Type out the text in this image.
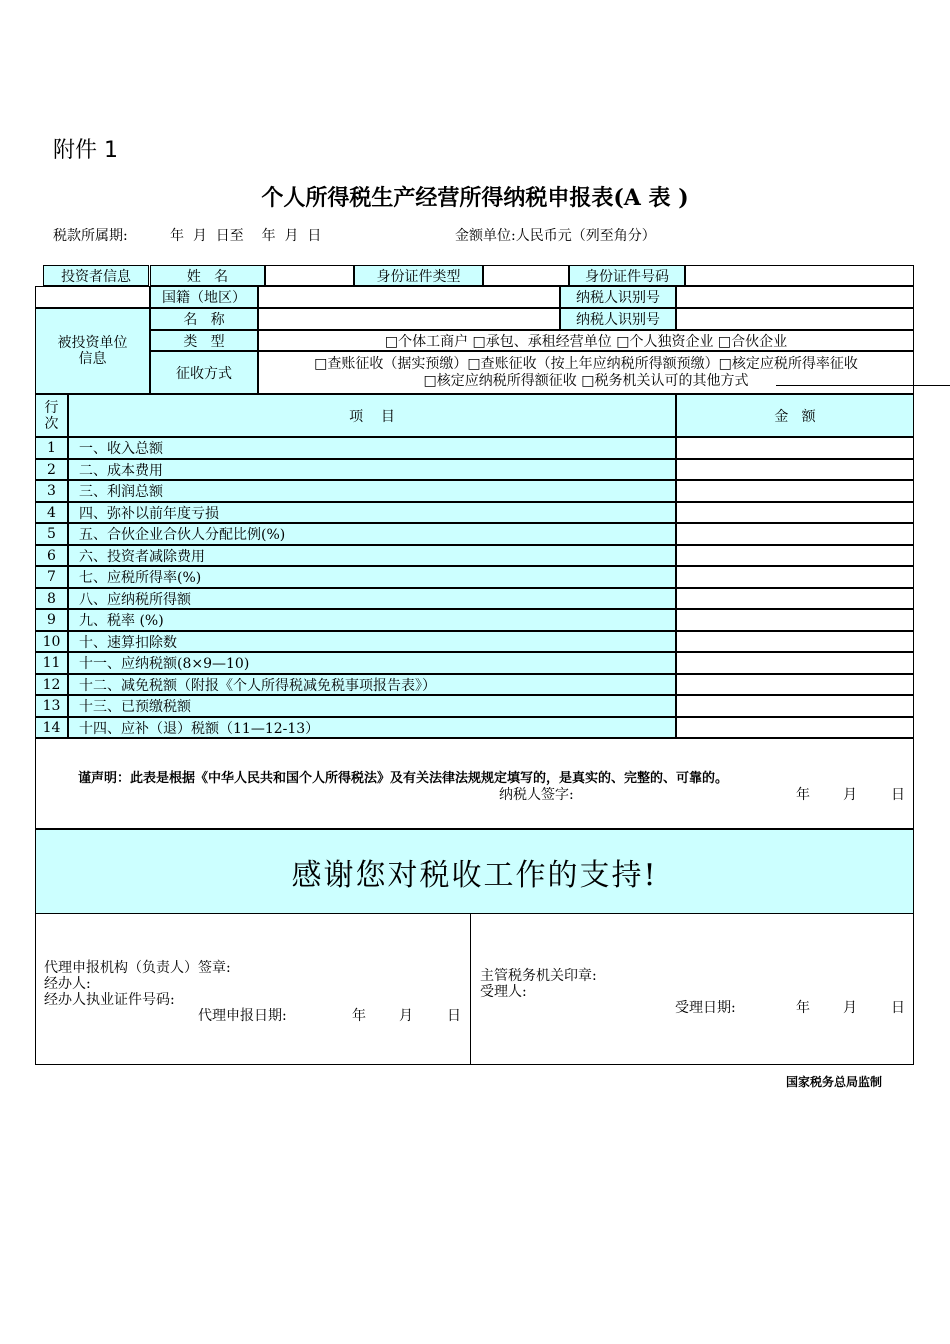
附件 1
个人所得税生产经营所得纳税申报表(A 表 )
税款所属期:	年  月  日至    年  月  日	金额单位:人民币元（列至角分）
投资者信息	姓   名	身份证件类型	身份证件号码
国籍（地区）	纳税人识别号
被投资单位
信息
名   称	纳税人识别号
类   型	□个体工商户 □承包、承租经营单位 □个人独资企业 □合伙企业
征收方式
□查账征收（据实预缴）□查账征收（按上年应纳税所得额预缴）□核定应税所得率征收
□核定应纳税所得额征收 □税务机关认可的其他方式
行
次	项    目	金   额
1	一、收入总额
2	二、成本费用
3	三、利润总额
4	四、弥补以前年度亏损
5	五、合伙企业合伙人分配比例(%)
6	六、投资者减除费用
7	七、应税所得率(%)
8	八、应纳税所得额
9	九、税率 (%)
10	十、速算扣除数
11	十一、应纳税额(8×9—10)
12	十二、减免税额（附报《个人所得税减免税事项报告表》）
13	十三、已预缴税额
14	十四、应补（退）税额（11—12-13）
谨声明：此表是根据《中华人民共和国个人所得税法》及有关法律法规规定填写的，是真实的、完整的、可靠的。
纳税人签字:	年 月 日
感谢您对税收工作的支持!
代理申报机构（负责人）签章:
经办人:
经办人执业证件号码:
代理申报日期:	年 月 日
主管税务机关印章:
受理人:
受理日期:	年 月 日
国家税务总局监制
